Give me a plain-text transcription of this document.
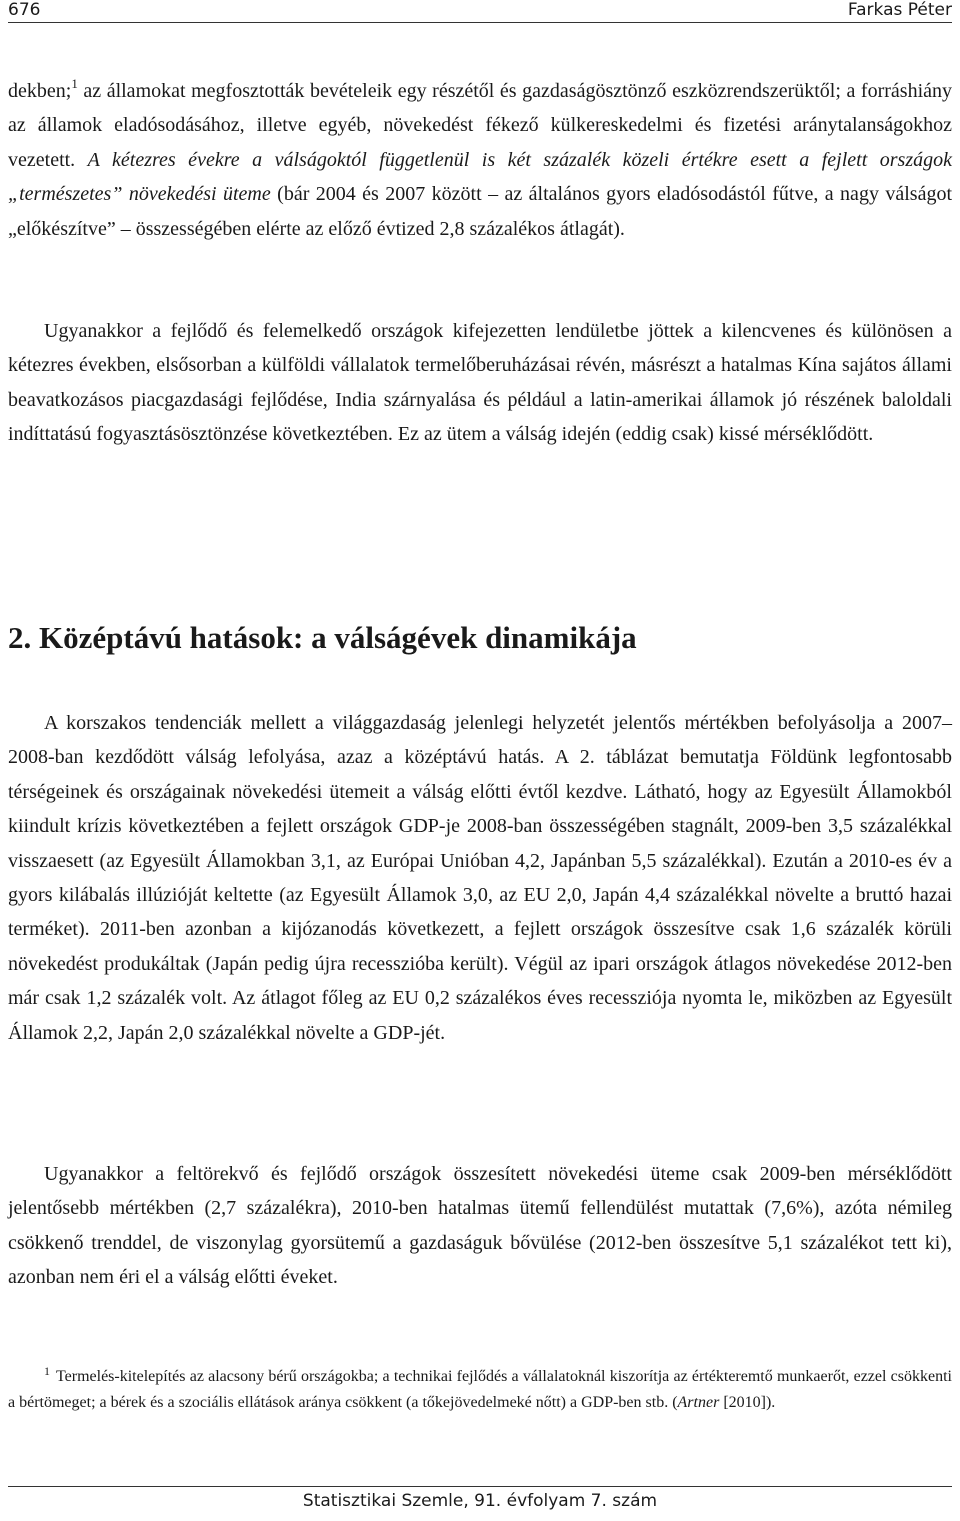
676	Farkas Péter

dekben;$^1$ az államokat megfosztották bevételeik egy részétől és gazdaságösztönző eszközrendszerüktől; a forráshiány az államok eladósodásához, illetve egyéb, növekedést fékező külkereskedelmi és fizetési aránytalanságokhoz vezetett. A kétezres évekre a válságoktól függetlenül is két százalék közeli értékre esett a fejlett országok „természetes” növekedési üteme (bár 2004 és 2007 között – az általános gyors eladósodástól fűtve, a nagy válságot „előkészítve” – összességében elérte az előző évtized 2,8 százalékos átlagát).

Ugyanakkor a fejlődő és felemelkedő országok kifejezetten lendületbe jöttek a kilencvenes és különösen a kétezres években, elsősorban a külföldi vállalatok termelőberuházásai révén, másrészt a hatalmas Kína sajátos állami beavatkozásos piacgazdasági fejlődése, India szárnyalása és például a latin-amerikai államok jó részének baloldali indíttatású fogyasztásösztönzése következtében. Ez az ütem a válság idején (eddig csak) kissé mérséklődött.

2. Középtávú hatások: a válságévek dinamikája

A korszakos tendenciák mellett a világgazdaság jelenlegi helyzetét jelentős mértékben befolyásolja a 2007–2008-ban kezdődött válság lefolyása, azaz a középtávú hatás. A 2. táblázat bemutatja Földünk legfontosabb térségeinek és országainak növekedési ütemeit a válság előtti évtől kezdve. Látható, hogy az Egyesült Államokból kiindult krízis következtében a fejlett országok GDP-je 2008-ban összességében stagnált, 2009-ben 3,5 százalékkal visszaesett (az Egyesült Államokban 3,1, az Európai Unióban 4,2, Japánban 5,5 százalékkal). Ezután a 2010-es év a gyors kilábalás illúzióját keltette (az Egyesült Államok 3,0, az EU 2,0, Japán 4,4 százalékkal növelte a bruttó hazai terméket). 2011-ben azonban a kijózanodás következett, a fejlett országok összesítve csak 1,6 százalék körüli növekedést produkáltak (Japán pedig újra recesszióba került). Végül az ipari országok átlagos növekedése 2012-ben már csak 1,2 százalék volt. Az átlagot főleg az EU 0,2 százalékos éves recessziója nyomta le, miközben az Egyesült Államok 2,2, Japán 2,0 százalékkal növelte a GDP-jét.

Ugyanakkor a feltörekvő és fejlődő országok összesített növekedési üteme csak 2009-ben mérséklődött jelentősebb mértékben (2,7 százalékra), 2010-ben hatalmas ütemű fellendülést mutattak (7,6%), azóta némileg csökkenő trenddel, de viszonylag gyorsütemű a gazdaságuk bővülése (2012-ben összesítve 5,1 százalékot tett ki), azonban nem éri el a válság előtti éveket.

$^1$ Termelés-kitelepítés az alacsony bérű országokba; a technikai fejlődés a vállalatoknál kiszorítja az értékteremtő munkaerőt, ezzel csökkenti a bértömeget; a bérek és a szociális ellátások aránya csökkent (a tőkejövedelmeké nőtt) a GDP-ben stb. (Artner [2010]).

Statisztikai Szemle, 91. évfolyam 7. szám
